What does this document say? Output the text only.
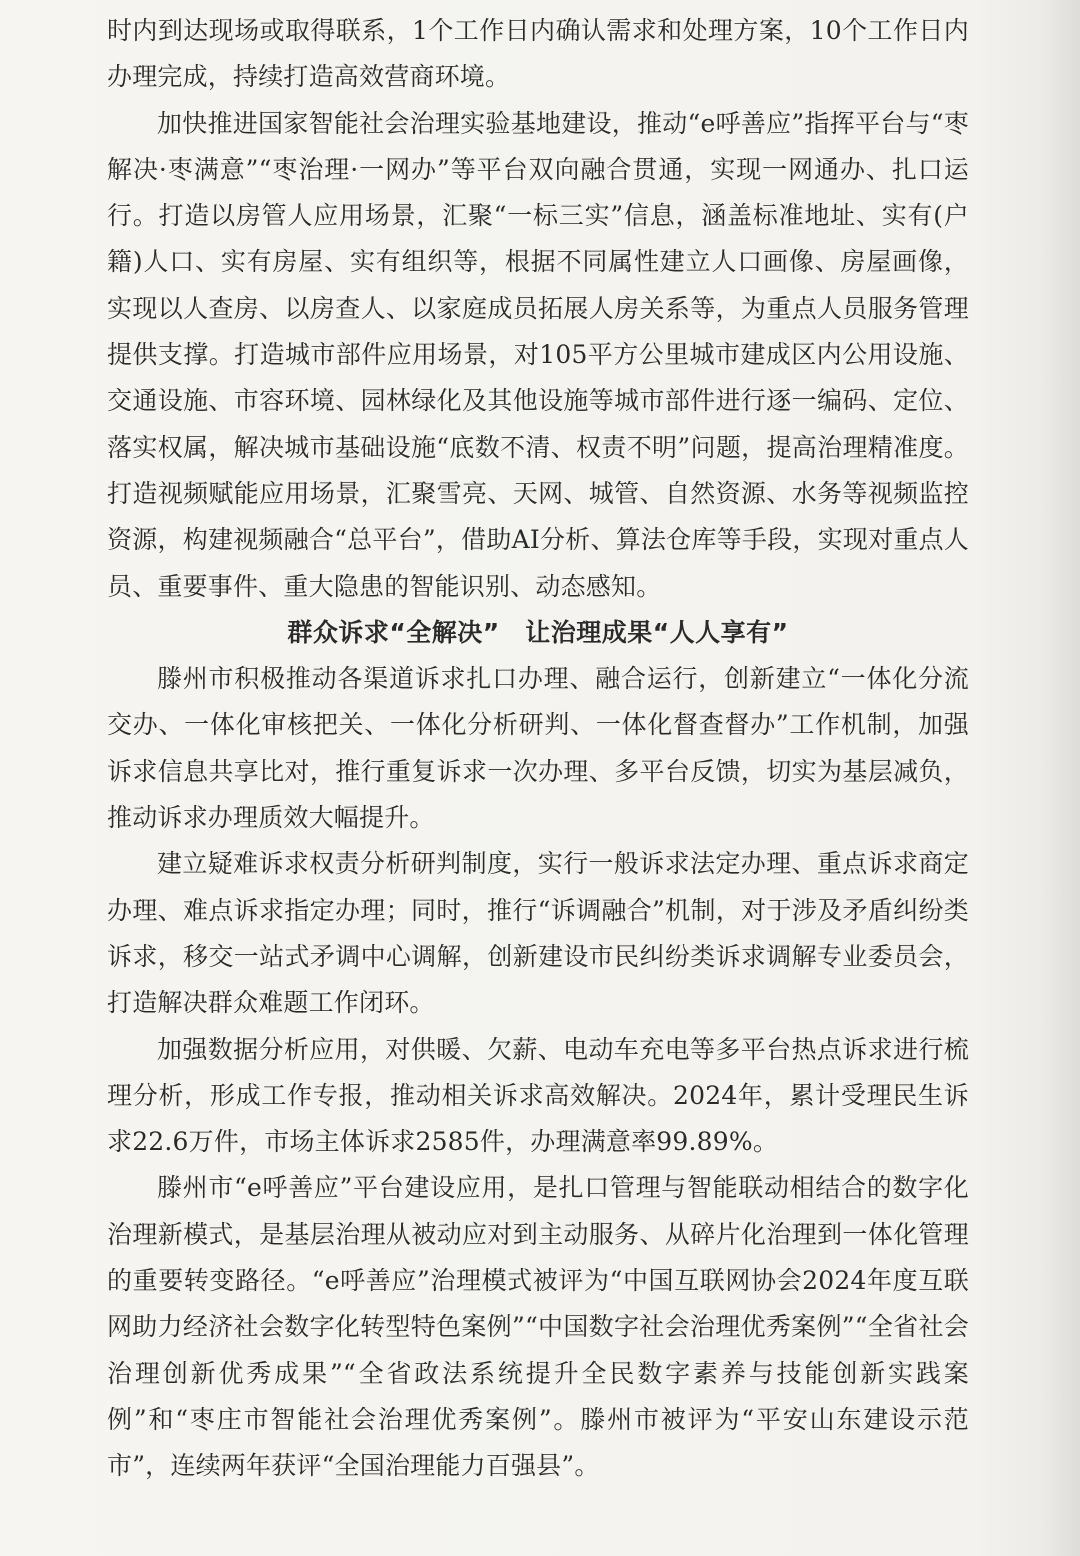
时内到达现场或取得联系，1个工作日内确认需求和处理方案，10个工作日内办理完成，持续打造高效营商环境。

加快推进国家智能社会治理实验基地建设，推动“e呼善应”指挥平台与“枣解决·枣满意”“枣治理·一网办”等平台双向融合贯通，实现一网通办、扎口运行。打造以房管人应用场景，汇聚“一标三实”信息，涵盖标准地址、实有(户籍)人口、实有房屋、实有组织等，根据不同属性建立人口画像、房屋画像，实现以人查房、以房查人、以家庭成员拓展人房关系等，为重点人员服务管理提供支撑。打造城市部件应用场景，对105平方公里城市建成区内公用设施、交通设施、市容环境、园林绿化及其他设施等城市部件进行逐一编码、定位、落实权属，解决城市基础设施“底数不清、权责不明”问题，提高治理精准度。打造视频赋能应用场景，汇聚雪亮、天网、城管、自然资源、水务等视频监控资源，构建视频融合“总平台”，借助AI分析、算法仓库等手段，实现对重点人员、重要事件、重大隐患的智能识别、动态感知。

群众诉求“全解决”　让治理成果“人人享有”

滕州市积极推动各渠道诉求扎口办理、融合运行，创新建立“一体化分流交办、一体化审核把关、一体化分析研判、一体化督查督办”工作机制，加强诉求信息共享比对，推行重复诉求一次办理、多平台反馈，切实为基层减负，推动诉求办理质效大幅提升。

建立疑难诉求权责分析研判制度，实行一般诉求法定办理、重点诉求商定办理、难点诉求指定办理；同时，推行“诉调融合”机制，对于涉及矛盾纠纷类诉求，移交一站式矛调中心调解，创新建设市民纠纷类诉求调解专业委员会，打造解决群众难题工作闭环。

加强数据分析应用，对供暖、欠薪、电动车充电等多平台热点诉求进行梳理分析，形成工作专报，推动相关诉求高效解决。2024年，累计受理民生诉求22.6万件，市场主体诉求2585件，办理满意率99.89%。

滕州市“e呼善应”平台建设应用，是扎口管理与智能联动相结合的数字化治理新模式，是基层治理从被动应对到主动服务、从碎片化治理到一体化管理的重要转变路径。“e呼善应”治理模式被评为“中国互联网协会2024年度互联网助力经济社会数字化转型特色案例”“中国数字社会治理优秀案例”“全省社会治理创新优秀成果”“全省政法系统提升全民数字素养与技能创新实践案例”和“枣庄市智能社会治理优秀案例”。滕州市被评为“平安山东建设示范市”，连续两年获评“全国治理能力百强县”。
